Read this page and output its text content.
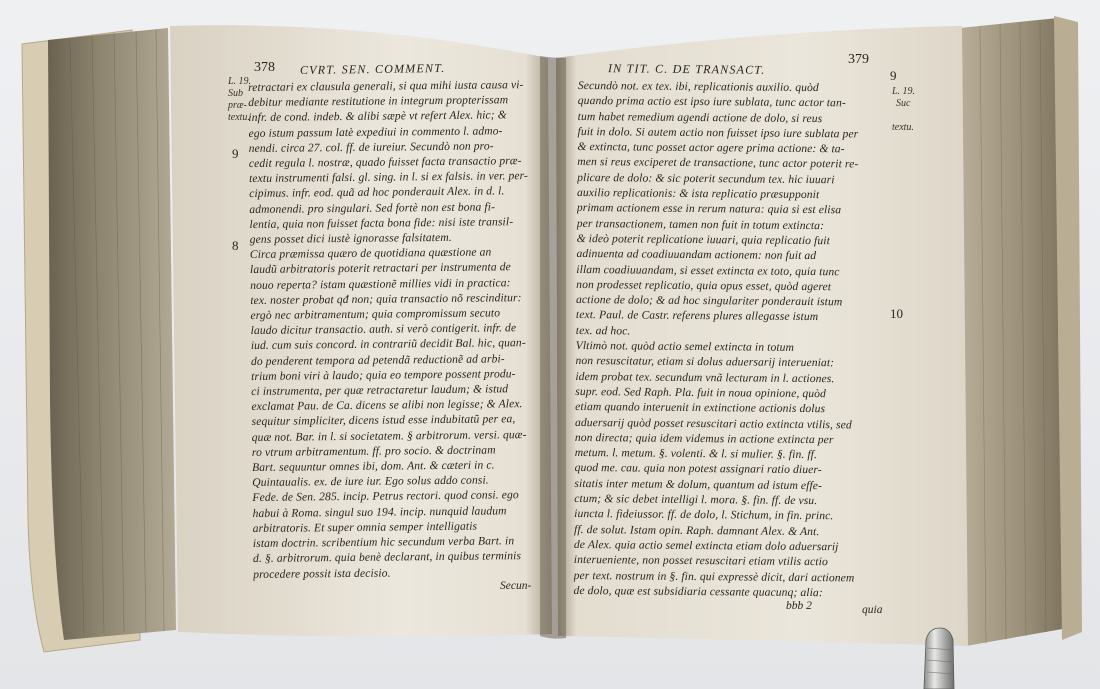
378 CVRT. SEN. COMMENT.
L. 19.
Sub
præ-
textu.
9
8
retractari ex clausula generali, si qua mihi iusta causa vi-
debitur mediante restitutione in integrum propterissam
infr. de cond. indeb. & alibi sæpè vt refert Alex. hic; &
ego istum passum latè expediui in commento l. admo-
nendi. circa 27. col. ff. de iureiur. Secundò non pro-
cedit regula l. nostræ, quado fuisset facta transactio præ-
textu instrumenti falsi. gl. sing. in l. si ex falsis. in ver. per-
cipimus. infr. eod. quã ad hoc ponderauit Alex. in d. l.
admonendi. pro singulari. Sed fortè non est bona fi-
lentia, quia non fuisset facta bona fide: nisi iste transil-
gens posset dici iustè ignorasse falsitatem.
Circa præmissa quæro de quotidiana quæstione an
laudũ arbitratoris poterit retractari per instrumenta de
nouo reperta? istam quæstionẽ millies vidi in practica:
tex. noster probat qđ non; quia transactio nõ rescinditur:
ergò nec arbitramentum; quia compromissum secuto
laudo dicitur transactio. auth. si verò contigerit. infr. de
iud. cum suis concord. in contrariũ decidit Bal. hic, quan-
do penderent tempora ad petendã reductionẽ ad arbi-
trium boni viri à laudo; quia eo tempore possent produ-
ci instrumenta, per quæ retractaretur laudum; & istud
exclamat Pau. de Ca. dicens se alibi non legisse; & Alex.
sequitur simpliciter, dicens istud esse indubitatũ per ea,
quæ not. Bar. in l. si societatem. § arbitrorum. versi. quæ-
ro vtrum arbitramentum. ff. pro socio. & doctrinam
Bart. sequuntur omnes ibi, dom. Ant. & cæteri in c.
Quintaualis. ex. de iure iur. Ego solus addo consi.
Fede. de Sen. 285. incip. Petrus rectori. quod consi. ego
habui à Roma. singul suo 194. incip. nunquid laudum
arbitratoris. Et super omnia semper intelligatis
istam doctrin. scribentium hic secundum verba Bart. in
d. §. arbitrorum. quia benè declarant, in quibus terminis
procedere possit ista decisio.
Secun-
IN TIT. C. DE TRANSACT.
379
9
L. 19.
Suc
textu.
10
Secundò not. ex tex. ibi, replicationis auxilio. quòd
quando prima actio est ipso iure sublata, tunc actor tan-
tum habet remedium agendi actione de dolo, si reus
fuit in dolo. Si autem actio non fuisset ipso iure sublata per
& extincta, tunc posset actor agere prima actione: & ta-
men si reus exciperet de transactione, tunc actor poterit re-
plicare de dolo: & sic poterit secundum tex. hic iuuari
auxilio replicationis: & ista replicatio præsupponit
primam actionem esse in rerum natura: quia si est elisa
per transactionem, tamen non fuit in totum extincta:
& ideò poterit replicatione iuuari, quia replicatio fuit
adinuenta ad coadiuuandam actionem: non fuit ad
illam coadiuuandam, si esset extincta ex toto, quia tunc
non prodesset replicatio, quia opus esset, quòd ageret
actione de dolo; & ad hoc singulariter ponderauit istum
text. Paul. de Castr. referens plures allegasse istum
tex. ad hoc.
Vltimò not. quòd actio semel extincta in totum
non resuscitatur, etiam si dolus aduersarij interueniat:
idem probat tex. secundum vnã lecturam in l. actiones.
supr. eod. Sed Raph. Pla. fuit in noua opinione, quòd
etiam quando interuenit in extinctione actionis dolus
aduersarij quòd posset resuscitari actio extincta vtilis, sed
non directa; quia idem videmus in actione extincta per
metum. l. metum. §. volenti. & l. si mulier. §. fin. ff.
quod me. cau. quia non potest assignari ratio diuer-
sitatis inter metum & dolum, quantum ad istum effe-
ctum; & sic debet intelligi l. mora. §. fin. ff. de vsu.
iuncta l. fideiussor. ff. de dolo, l. Stichum, in fin. princ.
ff. de solut. Istam opin. Raph. damnant Alex. & Ant.
de Alex. quia actio semel extincta etiam dolo aduersarij
interueniente, non posset resuscitari etiam vtilis actio
per text. nostrum in §. fin. qui expressè dicit, dari actionem
de dolo, quæ est subsidiaria cessante quacunq; alia:
bbb 2	quia
